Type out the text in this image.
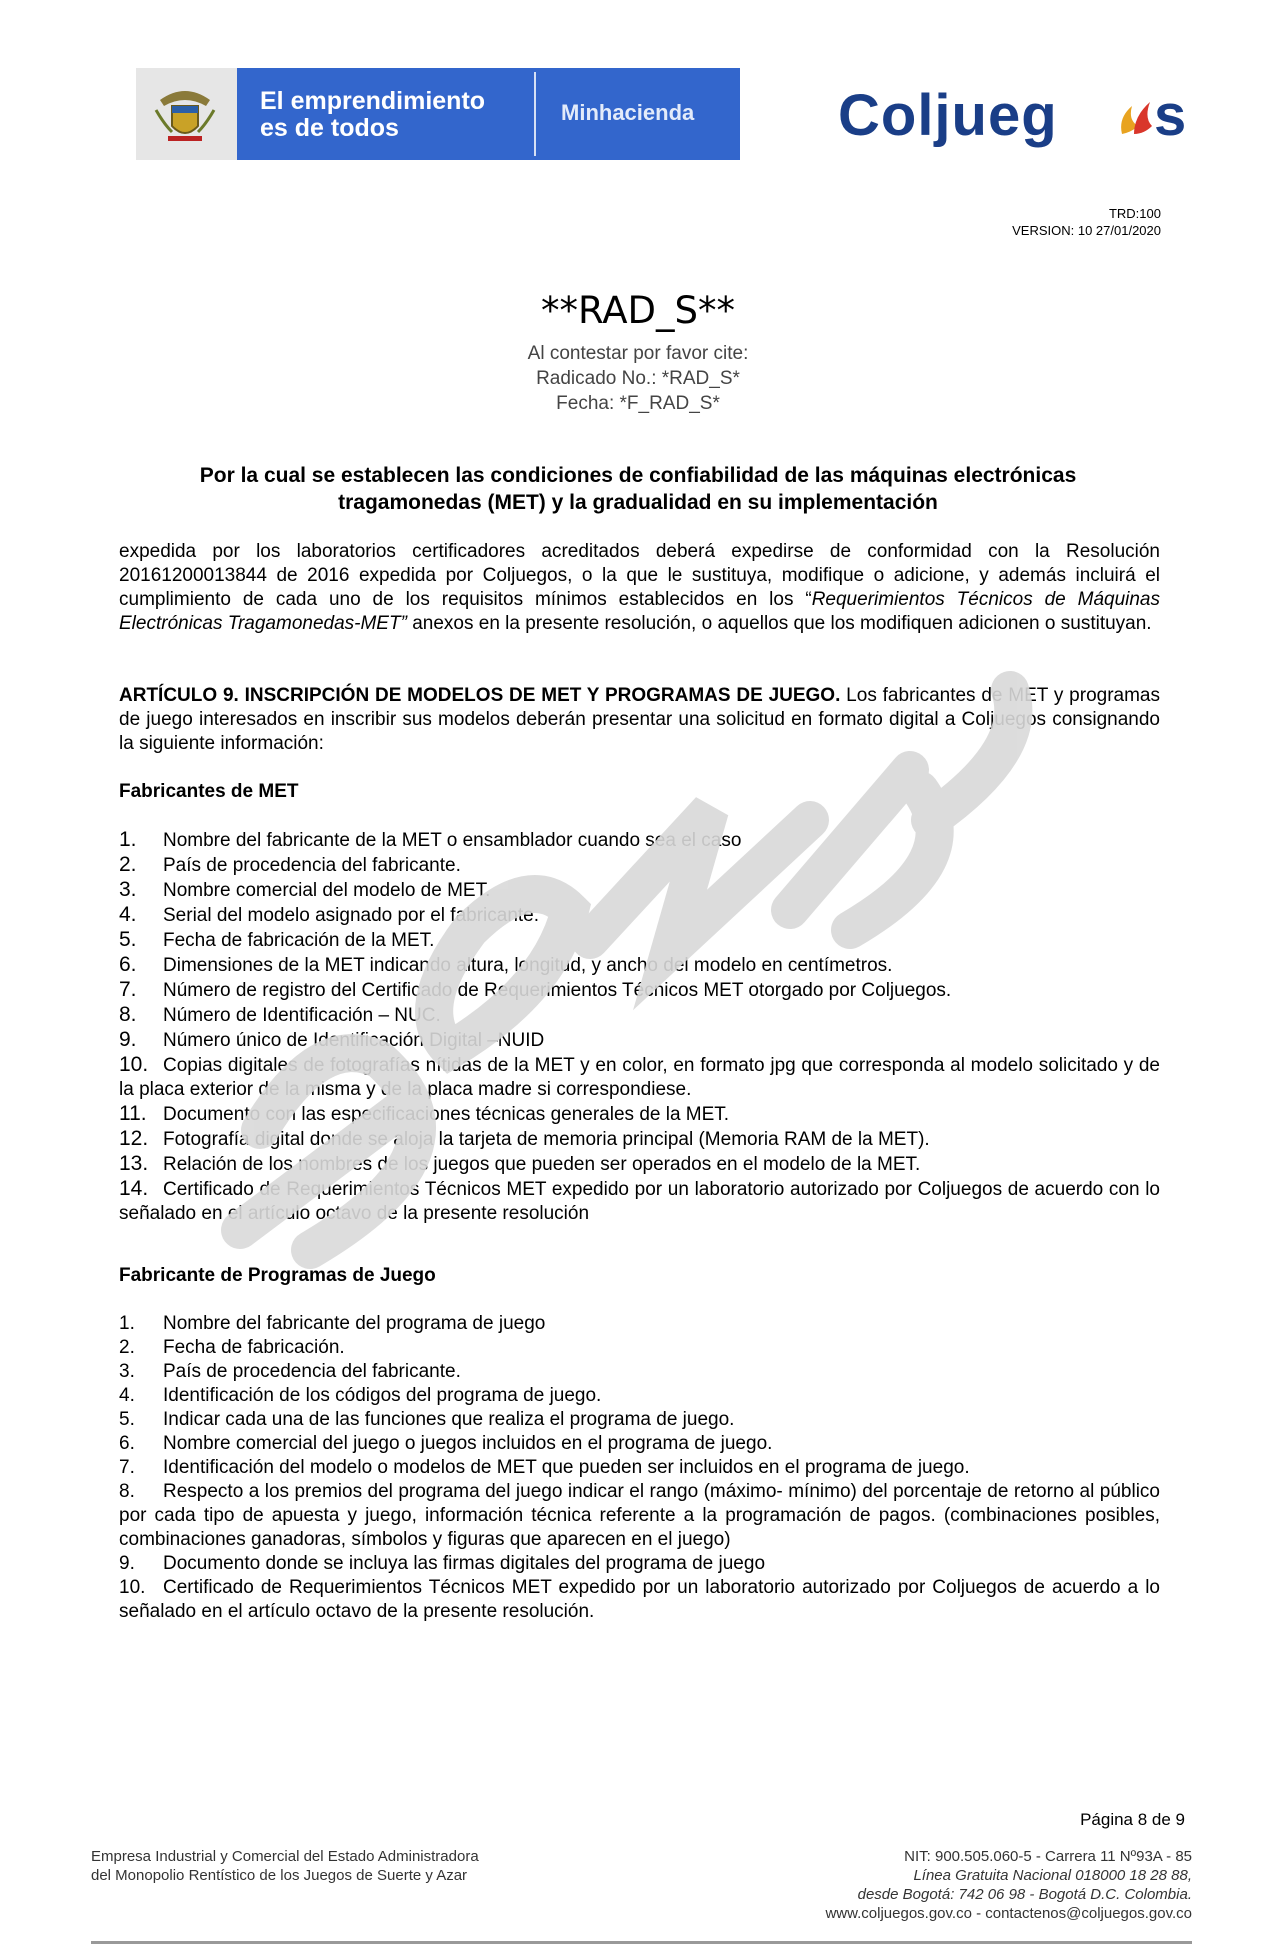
El emprendimiento
es de todos
Minhacienda Coljueg s
TRD:100
VERSION: 10 27/01/2020
**RAD_S**
Al contestar por favor cite:
Radicado No.: *RAD_S*
Fecha: *F_RAD_S*
Por la cual se establecen las condiciones de confiabilidad de las máquinas electrónicas
tragamonedas (MET) y la gradualidad en su implementación
expedida por los laboratorios certificadores acreditados deberá expedirse de conformidad con la Resolución 20161200013844 de 2016 expedida por Coljuegos, o la que le sustituya, modifique o adicione, y además incluirá el cumplimiento de cada uno de los requisitos mínimos establecidos en los “Requerimientos Técnicos de Máquinas Electrónicas Tragamonedas-MET” anexos en la presente resolución, o aquellos que los modifiquen adicionen o sustituyan.
ARTÍCULO 9. INSCRIPCIÓN DE MODELOS DE MET Y PROGRAMAS DE JUEGO. Los fabricantes de MET y programas de juego interesados en inscribir sus modelos deberán presentar una solicitud en formato digital a Coljuegos consignando la siguiente información:
Fabricantes de MET
1. Nombre del fabricante de la MET o ensamblador cuando sea el caso
2. País de procedencia del fabricante.
3. Nombre comercial del modelo de MET.
4. Serial del modelo asignado por el fabricante.
5. Fecha de fabricación de la MET.
6. Dimensiones de la MET indicando altura, longitud, y ancho del modelo en centímetros.
7. Número de registro del Certificado de Requerimientos Técnicos MET otorgado por Coljuegos.
8. Número de Identificación – NUC.
9. Número único de Identificación Digital –NUID
10. Copias digitales de fotografías nítidas de la MET y en color, en formato jpg que corresponda al modelo solicitado y de la placa exterior de la misma y de la placa madre si correspondiese.
11. Documento con las especificaciones técnicas generales de la MET.
12. Fotografía digital donde se aloja la tarjeta de memoria principal (Memoria RAM de la MET).
13. Relación de los nombres de los juegos que pueden ser operados en el modelo de la MET.
14. Certificado de Requerimientos Técnicos MET expedido por un laboratorio autorizado por Coljuegos de acuerdo con lo señalado en el artículo octavo de la presente resolución
Fabricante de Programas de Juego
1. Nombre del fabricante del programa de juego
2. Fecha de fabricación.
3. País de procedencia del fabricante.
4. Identificación de los códigos del programa de juego.
5. Indicar cada una de las funciones que realiza el programa de juego.
6. Nombre comercial del juego o juegos incluidos en el programa de juego.
7. Identificación del modelo o modelos de MET que pueden ser incluidos en el programa de juego.
8. Respecto a los premios del programa del juego indicar el rango (máximo- mínimo) del porcentaje de retorno al público por cada tipo de apuesta y juego, información técnica referente a la programación de pagos. (combinaciones posibles, combinaciones ganadoras, símbolos y figuras que aparecen en el juego)
9. Documento donde se incluya las firmas digitales del programa de juego
10. Certificado de Requerimientos Técnicos MET expedido por un laboratorio autorizado por Coljuegos de acuerdo a lo señalado en el artículo octavo de la presente resolución.
Página 8 de 9
Empresa Industrial y Comercial del Estado Administradora
del Monopolio Rentístico de los Juegos de Suerte y Azar
NIT: 900.505.060-5 - Carrera 11 Nº93A - 85
Línea Gratuita Nacional 018000 18 28 88,
desde Bogotá: 742 06 98 - Bogotá D.C. Colombia.
www.coljuegos.gov.co - contactenos@coljuegos.gov.co
